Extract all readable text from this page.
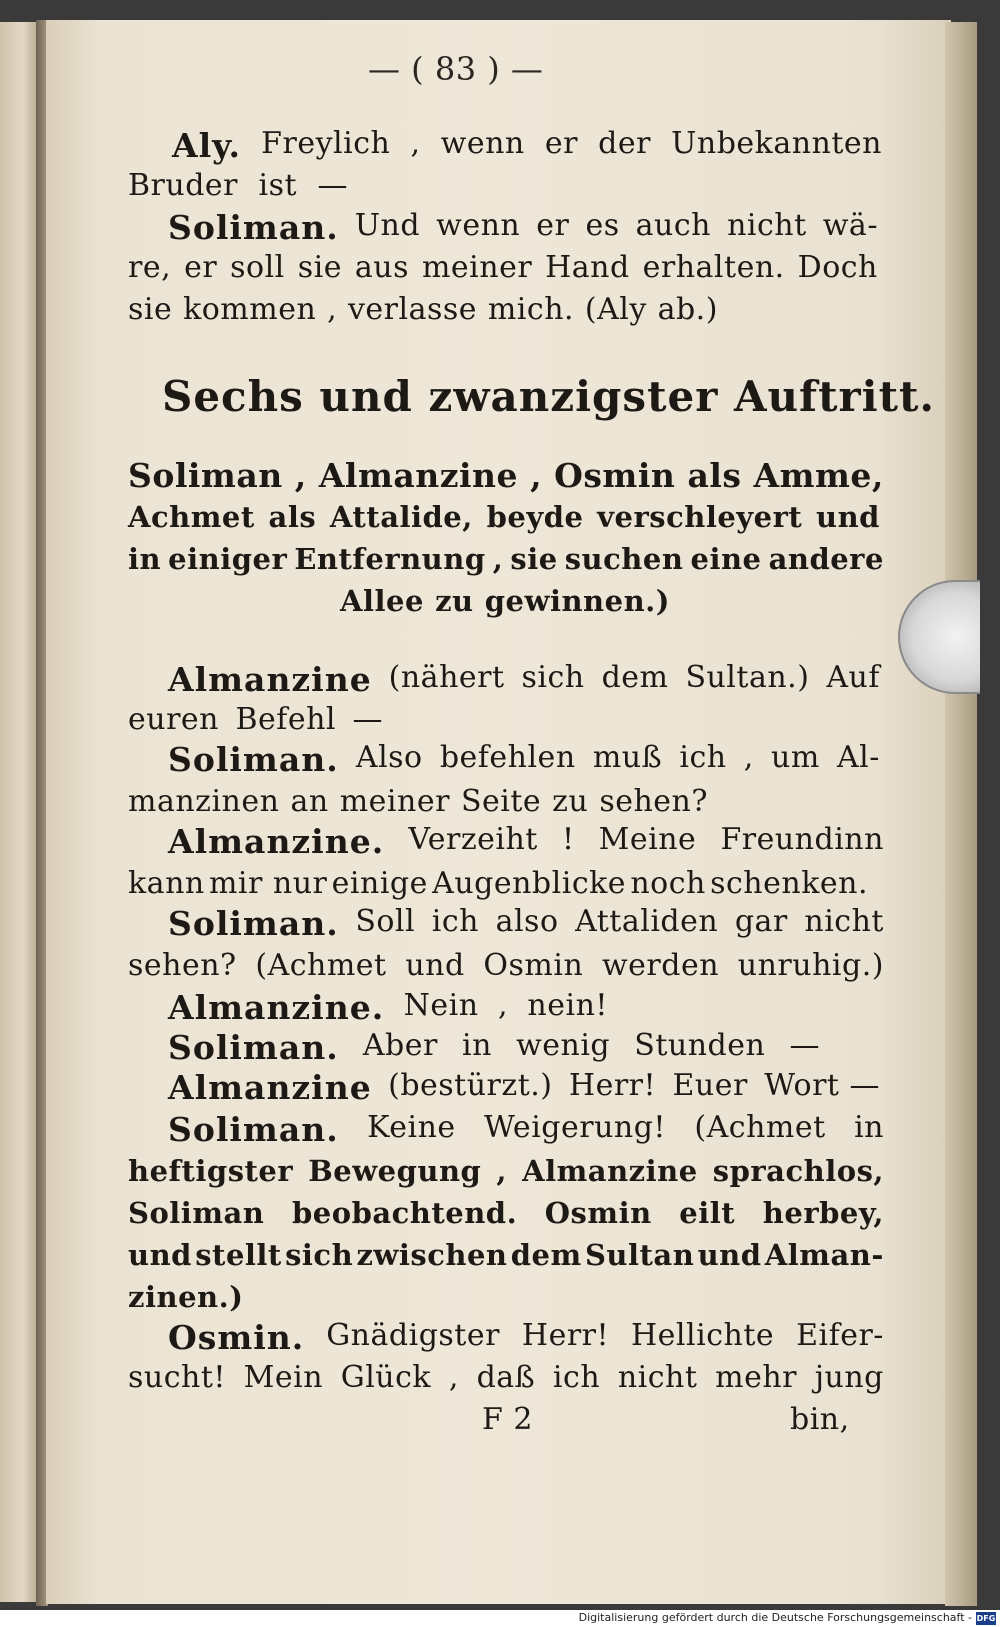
— ( 83 ) —
Aly. Freylich , wenn er der Unbekannten
Bruder ist —
Soliman. Und wenn er es auch nicht wä-
re, er soll sie aus meiner Hand erhalten. Doch
sie kommen , verlasse mich. (Aly ab.)
Sechs und zwanzigster Auftritt.
Soliman , Almanzine , Osmin als Amme,
Achmet als Attalide, beyde verschleyert und
in einiger Entfernung , sie suchen eine andere
Allee zu gewinnen.)
Almanzine (nähert sich dem Sultan.) Auf
euren Befehl —
Soliman. Also befehlen muß ich , um Al-
manzinen an meiner Seite zu sehen?
Almanzine. Verzeiht ! Meine Freundinn
kann mir nur einige Augenblicke noch schenken.
Soliman. Soll ich also Attaliden gar nicht
sehen? (Achmet und Osmin werden unruhig.)
Almanzine. Nein , nein!
Soliman. Aber in wenig Stunden —
Almanzine (bestürzt.) Herr! Euer Wort —
Soliman. Keine Weigerung! (Achmet in
heftigster Bewegung , Almanzine sprachlos,
Soliman beobachtend. Osmin eilt herbey,
und stellt sich zwischen dem Sultan und Alman-
zinen.)
Osmin. Gnädigster Herr! Hellichte Eifer-
sucht! Mein Glück , daß ich nicht mehr jung
F 2	bin,
Digitalisierung gefördert durch die Deutsche Forschungsgemeinschaft - DFG
